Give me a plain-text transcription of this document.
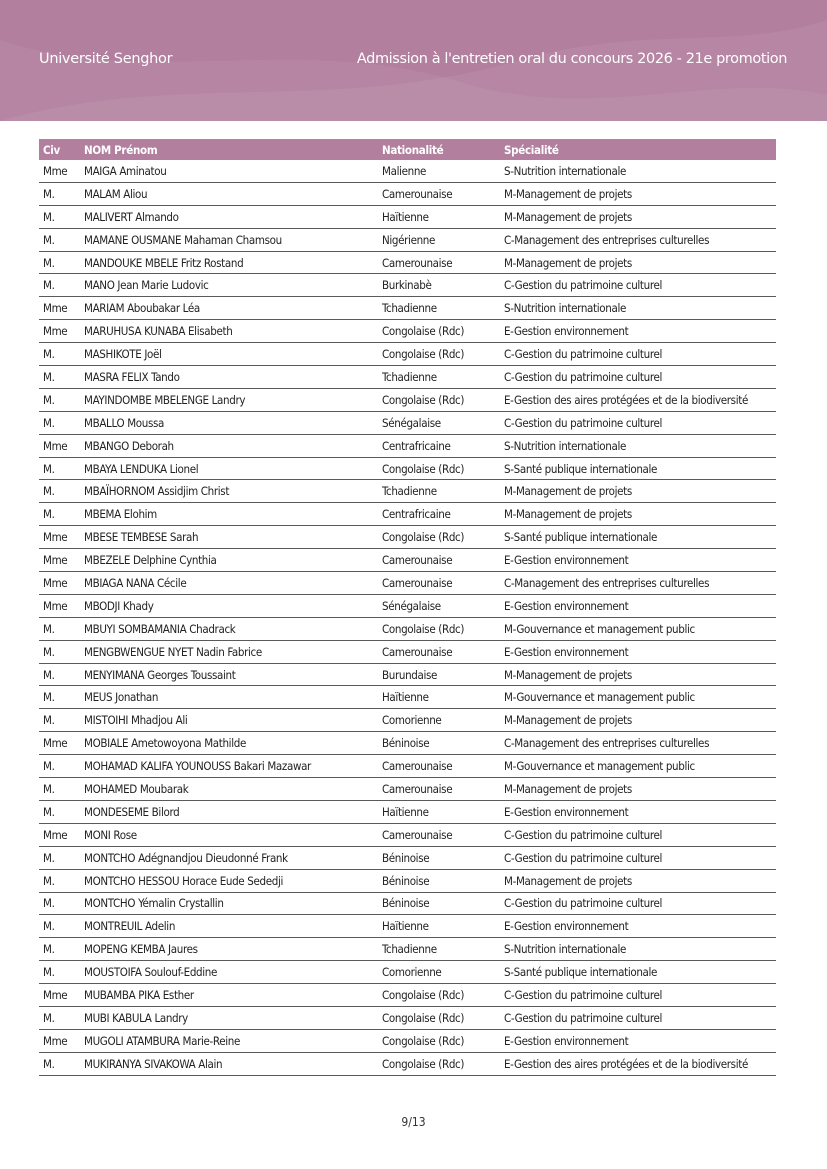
Université Senghor	Admission à l'entretien oral du concours 2026 - 21e promotion
Civ	NOM Prénom	Nationalité	Spécialité
Mme	MAIGA Aminatou	Malienne	S-Nutrition internationale
M.	MALAM Aliou	Camerounaise	M-Management de projets
M.	MALIVERT Almando	Haïtienne	M-Management de projets
M.	MAMANE OUSMANE Mahaman Chamsou	Nigérienne	C-Management des entreprises culturelles
M.	MANDOUKE MBELE Fritz Rostand	Camerounaise	M-Management de projets
M.	MANO Jean Marie Ludovic	Burkinabè	C-Gestion du patrimoine culturel
Mme	MARIAM Aboubakar Léa	Tchadienne	S-Nutrition internationale
Mme	MARUHUSA KUNABA Elisabeth	Congolaise (Rdc)	E-Gestion environnement
M.	MASHIKOTE Joël	Congolaise (Rdc)	C-Gestion du patrimoine culturel
M.	MASRA FELIX Tando	Tchadienne	C-Gestion du patrimoine culturel
M.	MAYINDOMBE MBELENGE Landry	Congolaise (Rdc)	E-Gestion des aires protégées et de la biodiversité
M.	MBALLO Moussa	Sénégalaise	C-Gestion du patrimoine culturel
Mme	MBANGO Deborah	Centrafricaine	S-Nutrition internationale
M.	MBAYA LENDUKA Lionel	Congolaise (Rdc)	S-Santé publique internationale
M.	MBAÏHORNOM Assidjim Christ	Tchadienne	M-Management de projets
M.	MBEMA Elohim	Centrafricaine	M-Management de projets
Mme	MBESE TEMBESE Sarah	Congolaise (Rdc)	S-Santé publique internationale
Mme	MBEZELE Delphine Cynthia	Camerounaise	E-Gestion environnement
Mme	MBIAGA NANA Cécile	Camerounaise	C-Management des entreprises culturelles
Mme	MBODJI Khady	Sénégalaise	E-Gestion environnement
M.	MBUYI SOMBAMANIA Chadrack	Congolaise (Rdc)	M-Gouvernance et management public
M.	MENGBWENGUE NYET Nadin Fabrice	Camerounaise	E-Gestion environnement
M.	MENYIMANA Georges Toussaint	Burundaise	M-Management de projets
M.	MEUS Jonathan	Haïtienne	M-Gouvernance et management public
M.	MISTOIHI Mhadjou Ali	Comorienne	M-Management de projets
Mme	MOBIALE Ametowoyona Mathilde	Béninoise	C-Management des entreprises culturelles
M.	MOHAMAD KALIFA YOUNOUSS Bakari Mazawar	Camerounaise	M-Gouvernance et management public
M.	MOHAMED Moubarak	Camerounaise	M-Management de projets
M.	MONDESEME Bilord	Haïtienne	E-Gestion environnement
Mme	MONI Rose	Camerounaise	C-Gestion du patrimoine culturel
M.	MONTCHO Adégnandjou Dieudonné Frank	Béninoise	C-Gestion du patrimoine culturel
M.	MONTCHO HESSOU Horace Eude Sededji	Béninoise	M-Management de projets
M.	MONTCHO Yémalin Crystallin	Béninoise	C-Gestion du patrimoine culturel
M.	MONTREUIL Adelin	Haïtienne	E-Gestion environnement
M.	MOPENG KEMBA Jaures	Tchadienne	S-Nutrition internationale
M.	MOUSTOIFA Soulouf-Eddine	Comorienne	S-Santé publique internationale
Mme	MUBAMBA PIKA Esther	Congolaise (Rdc)	C-Gestion du patrimoine culturel
M.	MUBI KABULA Landry	Congolaise (Rdc)	C-Gestion du patrimoine culturel
Mme	MUGOLI ATAMBURA Marie-Reine	Congolaise (Rdc)	E-Gestion environnement
M.	MUKIRANYA SIVAKOWA Alain	Congolaise (Rdc)	E-Gestion des aires protégées et de la biodiversité
9/13
